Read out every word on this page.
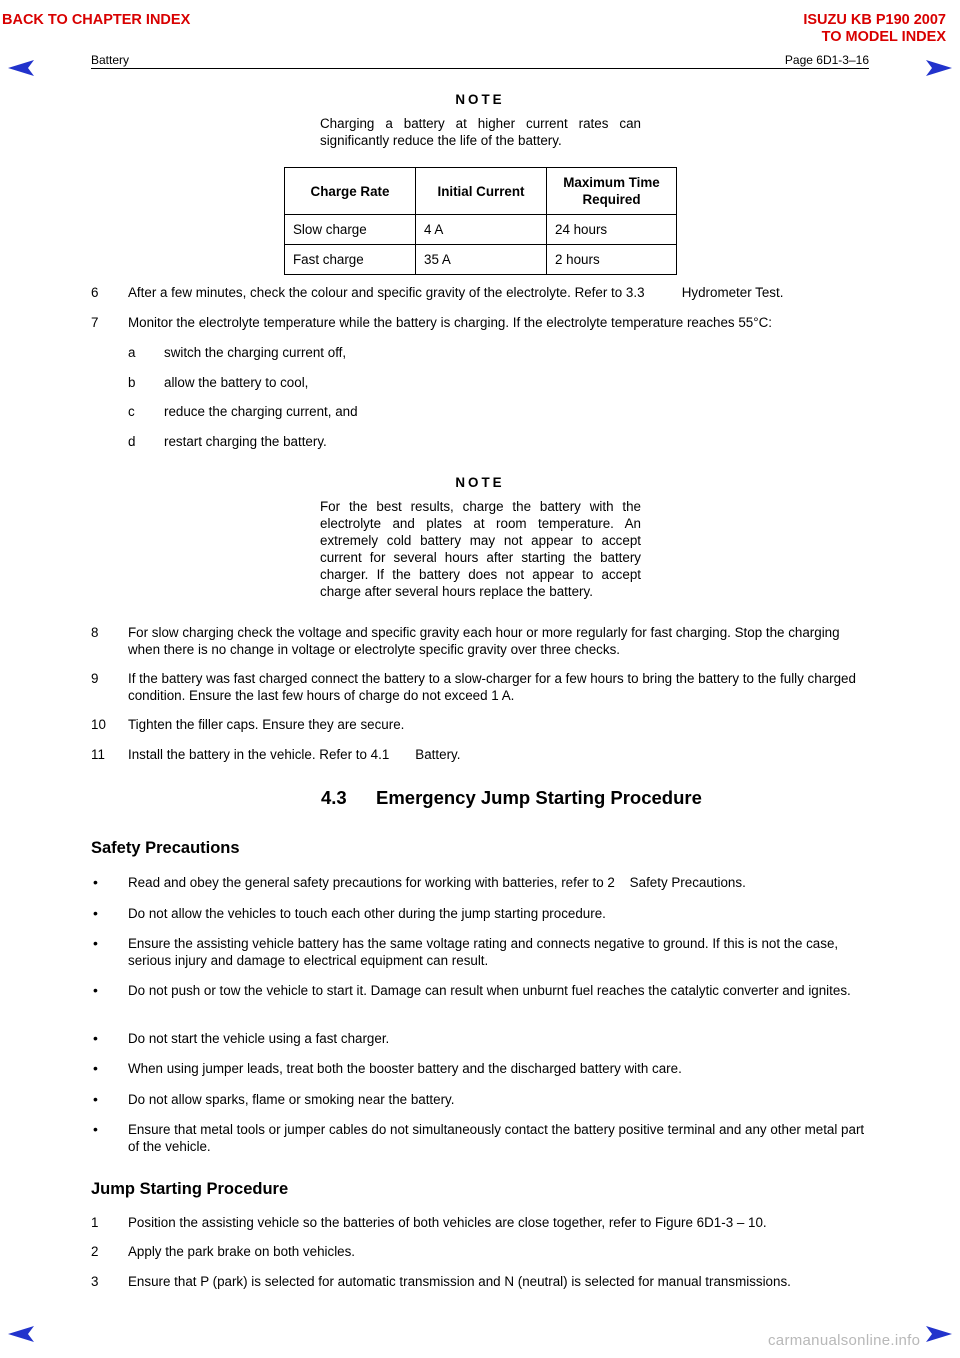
BACK TO CHAPTER INDEX	ISUZU KB P190 2007
TO MODEL INDEX
Battery	Page 6D1-3–16
NOTE
Charging a battery at higher current rates can significantly reduce the life of the battery.
Charge Rate	Initial Current	Maximum Time Required
Slow charge	4 A	24 hours
Fast charge	35 A	2 hours
6 After a few minutes, check the colour and specific gravity of the electrolyte. Refer to 3.3          Hydrometer Test.
7 Monitor the electrolyte temperature while the battery is charging. If the electrolyte temperature reaches 55°C:
a switch the charging current off,
b allow the battery to cool,
c reduce the charging current, and
d restart charging the battery.
NOTE
For the best results, charge the battery with the electrolyte and plates at room temperature. An extremely cold battery may not appear to accept current for several hours after starting the battery charger. If the battery does not appear to accept charge after several hours replace the battery.
8 For slow charging check the voltage and specific gravity each hour or more regularly for fast charging. Stop the charging when there is no change in voltage or electrolyte specific gravity over three checks.
9 If the battery was fast charged connect the battery to a slow-charger for a few hours to bring the battery to the fully charged condition. Ensure the last few hours of charge do not exceed 1 A.
10 Tighten the filler caps. Ensure they are secure.
11 Install the battery in the vehicle. Refer to 4.1       Battery.
4.3 Emergency Jump Starting Procedure
Safety Precautions
• Read and obey the general safety precautions for working with batteries, refer to 2    Safety Precautions.
• Do not allow the vehicles to touch each other during the jump starting procedure.
• Ensure the assisting vehicle battery has the same voltage rating and connects negative to ground. If this is not the case, serious injury and damage to electrical equipment can result.
• Do not push or tow the vehicle to start it. Damage can result when unburnt fuel reaches the catalytic converter and ignites.
• Do not start the vehicle using a fast charger.
• When using jumper leads, treat both the booster battery and the discharged battery with care.
• Do not allow sparks, flame or smoking near the battery.
• Ensure that metal tools or jumper cables do not simultaneously contact the battery positive terminal and any other metal part of the vehicle.
Jump Starting Procedure
1 Position the assisting vehicle so the batteries of both vehicles are close together, refer to Figure 6D1-3 – 10.
2 Apply the park brake on both vehicles.
3 Ensure that P (park) is selected for automatic transmission and N (neutral) is selected for manual transmissions.
carmanualsonline.info
